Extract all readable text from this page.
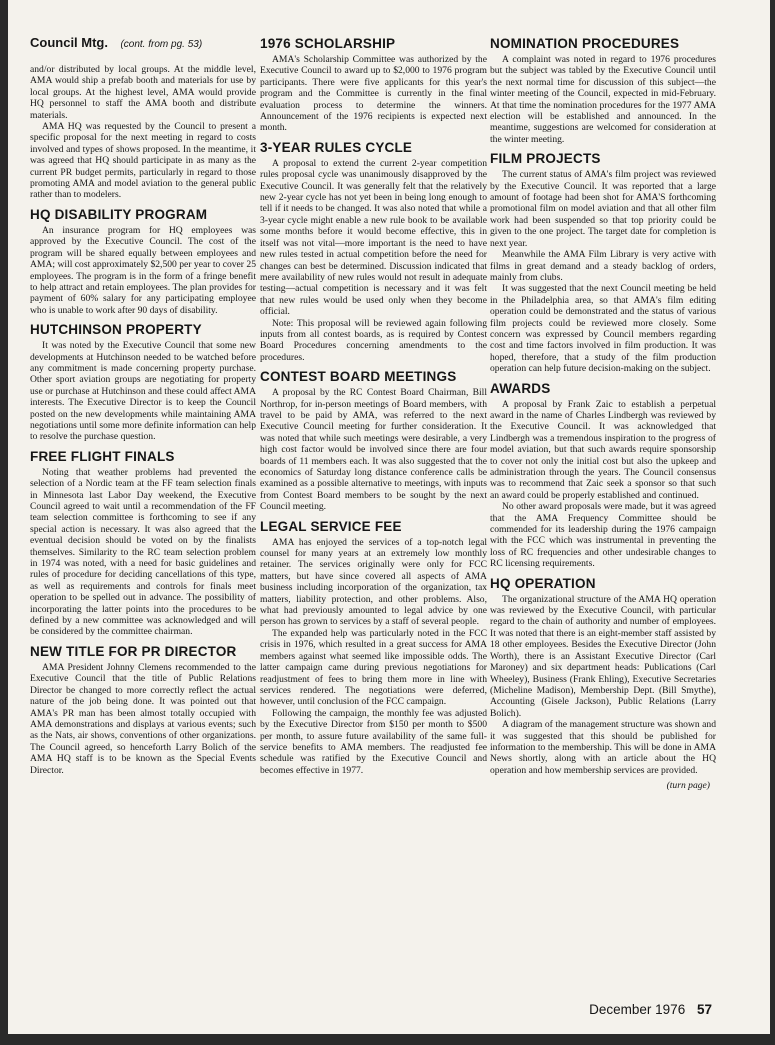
Council Mtg. (cont. from pg. 53)

and/or distributed by local groups. At the middle level, AMA would ship a prefab booth and materials for use by local groups. At the highest level, AMA would provide HQ personnel to staff the AMA booth and distribute materials.

AMA HQ was requested by the Council to present a specific proposal for the next meeting in regard to costs involved and types of shows proposed. In the meantime, it was agreed that HQ should participate in as many as the current PR budget permits, particularly in regard to those promoting AMA and model aviation to the general public rather than to modelers.

HQ DISABILITY PROGRAM

An insurance program for HQ employees was approved by the Executive Council. The cost of the program will be shared equally between employees and AMA; will cost approximately $2,500 per year to cover 25 employees. The program is in the form of a fringe benefit to help attract and retain employees. The plan provides for payment of 60% salary for any participating employee who is unable to work after 90 days of disability.

HUTCHINSON PROPERTY

It was noted by the Executive Council that some new developments at Hutchinson needed to be watched before any commitment is made concerning property purchase. Other sport aviation groups are negotiating for property use or purchase at Hutchinson and these could affect AMA interests. The Executive Director is to keep the Council posted on the new developments while maintaining AMA negotiations until some more definite information can help to resolve the purchase question.

FREE FLIGHT FINALS

Noting that weather problems had prevented the selection of a Nordic team at the FF team selection finals in Minnesota last Labor Day weekend, the Executive Council agreed to wait until a recommendation of the FF team selection committee is forthcoming to see if any special action is necessary. It was also agreed that the eventual decision should be voted on by the finalists themselves. Similarity to the RC team selection problem in 1974 was noted, with a need for basic guidelines and rules of procedure for deciding cancellations of this type, as well as requirements and controls for finals meet operation to be spelled out in advance. The possibility of incorporating the latter points into the procedures to be defined by a new committee was acknowledged and will be considered by the committee chairman.

NEW TITLE FOR PR DIRECTOR

AMA President Johnny Clemens recommended to the Executive Council that the title of Public Relations Director be changed to more correctly reflect the actual nature of the job being done. It was pointed out that AMA's PR man has been almost totally occupied with AMA demonstrations and displays at various events; such as the Nats, air shows, conventions of other organizations. The Council agreed, so henceforth Larry Bolich of the AMA HQ staff is to be known as the Special Events Director.

1976 SCHOLARSHIP

AMA's Scholarship Committee was authorized by the Executive Council to award up to $2,000 to 1976 program participants. There were five applicants for this year's program and the Committee is currently in the final evaluation process to determine the winners. Announcement of the 1976 recipients is expected next month.

3-YEAR RULES CYCLE

A proposal to extend the current 2-year competition rules proposal cycle was unanimously disapproved by the Executive Council. It was generally felt that the relatively new 2-year cycle has not yet been in being long enough to tell if it needs to be changed. It was also noted that while a 3-year cycle might enable a new rule book to be available some months before it would become effective, this in itself was not vital—more important is the need to have new rules tested in actual competition before the need for changes can best be determined. Discussion indicated that mere availability of new rules would not result in adequate testing—actual competition is necessary and it was felt that new rules would be used only when they become official.

Note: This proposal will be reviewed again following inputs from all contest boards, as is required by Contest Board Procedures concerning amendments to the procedures.

CONTEST BOARD MEETINGS

A proposal by the RC Contest Board Chairman, Bill Northrop, for in-person meetings of Board members, with travel to be paid by AMA, was referred to the next Executive Council meeting for further consideration. It was noted that while such meetings were desirable, a very high cost factor would be involved since there are four boards of 11 members each. It was also suggested that the economics of Saturday long distance conference calls be examined as a possible alternative to meetings, with inputs from Contest Board members to be sought by the next Council meeting.

LEGAL SERVICE FEE

AMA has enjoyed the services of a top-notch legal counsel for many years at an extremely low monthly retainer. The services originally were only for FCC matters, but have since covered all aspects of AMA business including incorporation of the organization, tax matters, liability protection, and other problems. Also, what had previously amounted to legal advice by one person has grown to services by a staff of several people.

The expanded help was particularly noted in the FCC crisis in 1976, which resulted in a great success for AMA members against what seemed like impossible odds. The latter campaign came during previous negotiations for readjustment of fees to bring them more in line with services rendered. The negotiations were deferred, however, until conclusion of the FCC campaign.

Following the campaign, the monthly fee was adjusted by the Executive Director from $150 per month to $500 per month, to assure future availability of the same full-service benefits to AMA members. The readjusted fee schedule was ratified by the Executive Council and becomes effective in 1977.

NOMINATION PROCEDURES

A complaint was noted in regard to 1976 procedures but the subject was tabled by the Executive Council until the next normal time for discussion of this subject—the winter meeting of the Council, expected in mid-February. At that time the nomination procedures for the 1977 AMA election will be established and announced. In the meantime, suggestions are welcomed for consideration at the winter meeting.

FILM PROJECTS

The current status of AMA's film project was reviewed by the Executive Council. It was reported that a large amount of footage had been shot for AMA'S forthcoming promotional film on model aviation and that all other film work had been suspended so that top priority could be given to the one project. The target date for completion is next year.

Meanwhile the AMA Film Library is very active with films in great demand and a steady backlog of orders, mainly from clubs.

It was suggested that the next Council meeting be held in the Philadelphia area, so that AMA's film editing operation could be demonstrated and the status of various film projects could be reviewed more closely. Some concern was expressed by Council members regarding cost and time factors involved in film production. It was hoped, therefore, that a study of the film production operation can help future decision-making on the subject.

AWARDS

A proposal by Frank Zaic to establish a perpetual award in the name of Charles Lindbergh was reviewed by the Executive Council. It was acknowledged that Lindbergh was a tremendous inspiration to the progress of model aviation, but that such awards require sponsorship to cover not only the initial cost but also the upkeep and administration through the years. The Council consensus was to recommend that Zaic seek a sponsor so that such an award could be properly established and continued.

No other award proposals were made, but it was agreed that the AMA Frequency Committee should be commended for its leadership during the 1976 campaign with the FCC which was instrumental in preventing the loss of RC frequencies and other undesirable changes to RC licensing requirements.

HQ OPERATION

The organizational structure of the AMA HQ operation was reviewed by the Executive Council, with particular regard to the chain of authority and number of employees. It was noted that there is an eight-member staff assisted by 18 other employees. Besides the Executive Director (John Worth), there is an Assistant Executive Director (Carl Maroney) and six department heads: Publications (Carl Wheeley), Business (Frank Ehling), Executive Secretaries (Micheline Madison), Membership Dept. (Bill Smythe), Accounting (Gisele Jackson), Public Relations (Larry Bolich).

A diagram of the management structure was shown and it was suggested that this should be published for information to the membership. This will be done in AMA News shortly, along with an article about the HQ operation and how membership services are provided.

(turn page)
December 1976 57
